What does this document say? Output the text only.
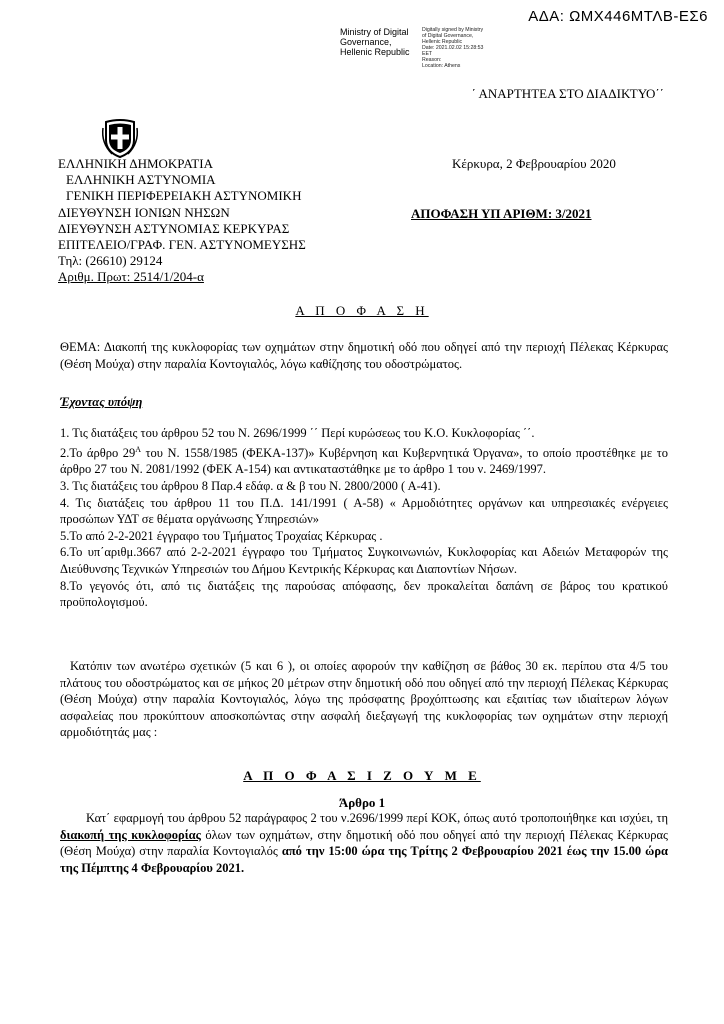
ΑΔΑ: ΩΜΧ446ΜΤΛΒ-ΕΣ6
Ministry of Digital
Governance,
Hellenic Republic
Digitally signed by Ministry
of Digital Governance,
Hellenic Republic
Date: 2021.02.02 15:28:53
EET
Reason:
Location: Athens
΄ ΑΝΑΡΤΗΤΕΑ ΣΤΟ ΔΙΑΔΙΚΤΥΟ΄΄
ΕΛΛΗΝΙΚΗ ΔΗΜΟΚΡΑΤΙΑ
ΕΛΛΗΝΙΚΗ ΑΣΤΥΝΟΜΙΑ
ΓΕΝΙΚΗ ΠΕΡΙΦΕΡΕΙΑΚΗ ΑΣΤΥΝΟΜΙΚΗ
ΔΙΕΥΘΥΝΣΗ ΙΟΝΙΩΝ ΝΗΣΩΝ
ΔΙΕΥΘΥΝΣΗ ΑΣΤΥΝΟΜΙΑΣ ΚΕΡΚΥΡΑΣ
ΕΠΙΤΕΛΕΙΟ/ΓΡΑΦ. ΓΕΝ. ΑΣΤΥΝΟΜΕΥΣΗΣ
Τηλ: (26610) 29124
Αριθμ. Πρωτ: 2514/1/204-α
Κέρκυρα, 2 Φεβρουαρίου 2020
ΑΠΟΦΑΣΗ ΥΠ ΑΡΙΘΜ: 3/2021
Α Π Ο Φ Α Σ Η
ΘΕΜΑ: Διακοπή της κυκλοφορίας των οχημάτων στην δημοτική οδό που οδηγεί από την περιοχή Πέλεκας Κέρκυρας (Θέση Μούχα) στην παραλία Κοντογιαλός, λόγω καθίζησης του οδοστρώματος.
Έχοντας υπόψη

1. Τις διατάξεις του άρθρου 52 του Ν. 2696/1999 ΄΄ Περί κυρώσεως του Κ.Ο. Κυκλοφορίας ΄΄.

2.Το άρθρο $29^A$ του Ν. 1558/1985 (ΦΕΚΑ-137)» Κυβέρνηση και Κυβερνητικά Όργανα», το οποίο προστέθηκε με το άρθρο 27 του Ν. 2081/1992 (ΦΕΚ Α-154) και αντικαταστάθηκε με το άρθρο 1 του ν. 2469/1997.

3. Τις διατάξεις του άρθρου 8 Παρ.4 εδάφ. α & β του Ν. 2800/2000 ( Α-41).

4. Τις διατάξεις του άρθρου 11 του Π.Δ. 141/1991 ( Α-58) « Αρμοδιότητες οργάνων και υπηρεσιακές ενέργειες προσώπων ΥΔΤ σε θέματα οργάνωσης Υπηρεσιών»

5.Το από 2-2-2021 έγγραφο του Τμήματος Τροχαίας Κέρκυρας .

6.Το υπ΄αριθμ.3667 από 2-2-2021 έγγραφο του Τμήματος Συγκοινωνιών, Κυκλοφορίας και Αδειών Μεταφορών της Διεύθυνσης Τεχνικών Υπηρεσιών του Δήμου Κεντρικής Κέρκυρας και Διαποντίων Νήσων.

8.Το γεγονός ότι, από τις διατάξεις της παρούσας απόφασης, δεν προκαλείται δαπάνη σε βάρος του κρατικού προϋπολογισμού.

Κατόπιν των ανωτέρω σχετικών (5 και 6 ), οι οποίες αφορούν την καθίζηση σε βάθος 30 εκ. περίπου στα 4/5 του πλάτους του οδοστρώματος και σε μήκος 20 μέτρων στην δημοτική οδό που οδηγεί από την περιοχή Πέλεκας Κέρκυρας (Θέση Μούχα) στην παραλία Κοντογιαλός, λόγω της πρόσφατης βροχόπτωσης και εξαιτίας των ιδιαίτερων λόγων ασφαλείας που προκύπτουν αποσκοπώντας στην ασφαλή διεξαγωγή της κυκλοφορίας των οχημάτων στην περιοχή αρμοδιότητάς μας :
Α Π Ο Φ Α Σ Ι Ζ Ο Υ Μ Ε
Άρθρο 1
Κατ΄ εφαρμογή του άρθρου 52 παράγραφος 2 του ν.2696/1999 περί ΚΟΚ, όπως αυτό τροποποιήθηκε και ισχύει, τη διακοπή της κυκλοφορίας όλων των οχημάτων, στην δημοτική οδό που οδηγεί από την περιοχή Πέλεκας Κέρκυρας (Θέση Μούχα) στην παραλία Κοντογιαλός από την 15:00 ώρα της Τρίτης 2 Φεβρουαρίου 2021 έως την 15.00 ώρα της Πέμπτης 4 Φεβρουαρίου 2021.
